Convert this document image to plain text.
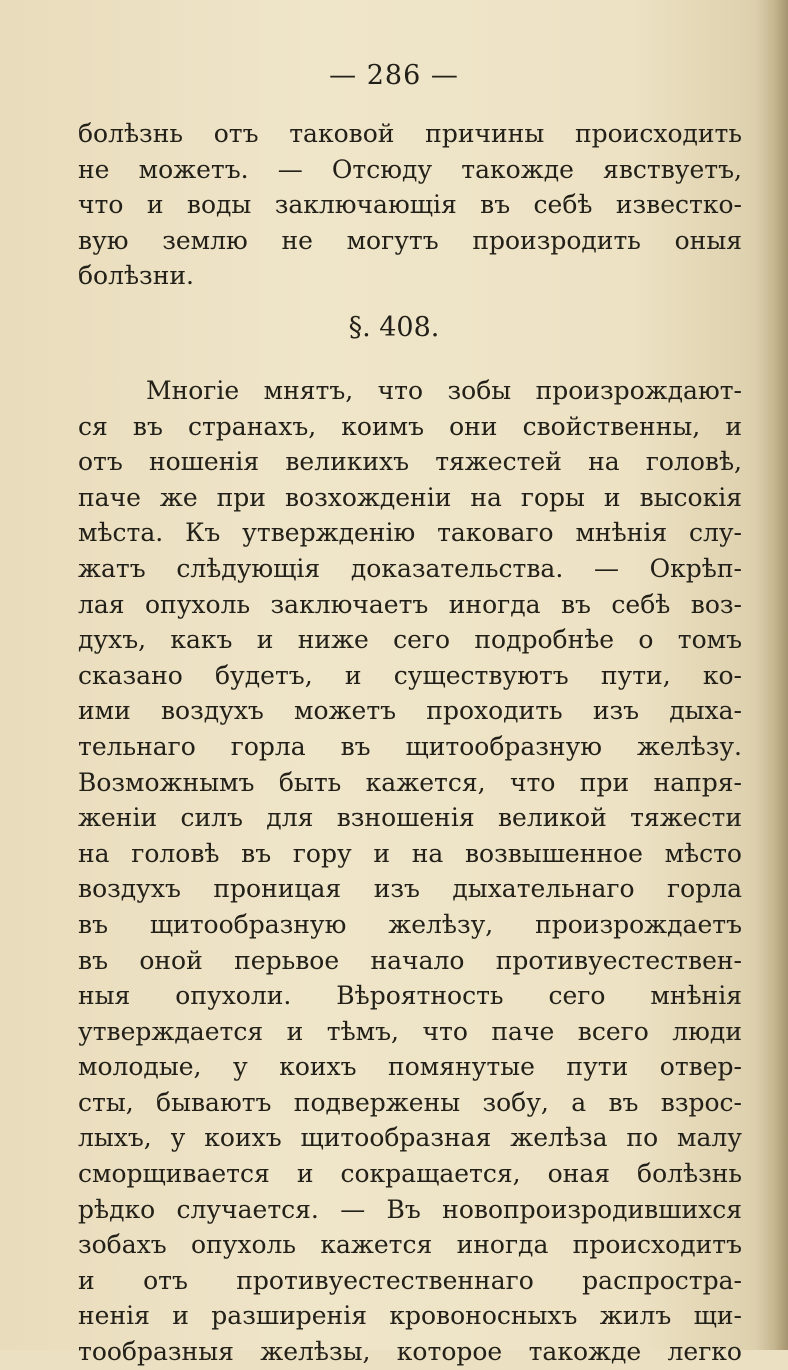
— 286 —
болѣзнь отъ таковой причины происходить
не можетъ. — Отсюду такожде явствуетъ,
что и воды заключающія въ себѣ известко-
вую землю не могутъ произродить оныя
болѣзни.
§. 408.
Многіе мнятъ, что зобы произрождают-
ся въ странахъ, коимъ они свойственны, и
отъ ношенія великихъ тяжестей на головѣ,
паче же при возхожденіи на горы и высокія
мѣста. Къ утвержденію таковаго мнѣнія слу-
жатъ слѣдующія доказательства. — Окрѣп-
лая опухоль заключаетъ иногда въ себѣ воз-
духъ, какъ и ниже сего подробнѣе о томъ
сказано будетъ, и существуютъ пути, ко-
ими воздухъ можетъ проходить изъ дыха-
тельнаго горла въ щитообразную желѣзу.
Возможнымъ быть кажется, что при напря-
женіи силъ для взношенія великой тяжести
на головѣ въ гору и на возвышенное мѣсто
воздухъ проницая изъ дыхательнаго горла
въ щитообразную желѣзу, произрождаетъ
въ оной перьвое начало противуестествен-
ныя опухоли. Вѣроятность сего мнѣнія
утверждается и тѣмъ, что паче всего люди
молодые, у коихъ помянутые пути отвер-
сты, бываютъ подвержены зобу, а въ взрос-
лыхъ, у коихъ щитообразная желѣза по малу
сморщивается и сокращается, оная болѣзнь
рѣдко случается. — Въ новопроизродившихся
зобахъ опухоль кажется иногда происходитъ
и отъ противуестественнаго распростра-
ненія и разширенія кровоносныхъ жилъ щи-
тообразныя желѣзы, которое такожде легко
